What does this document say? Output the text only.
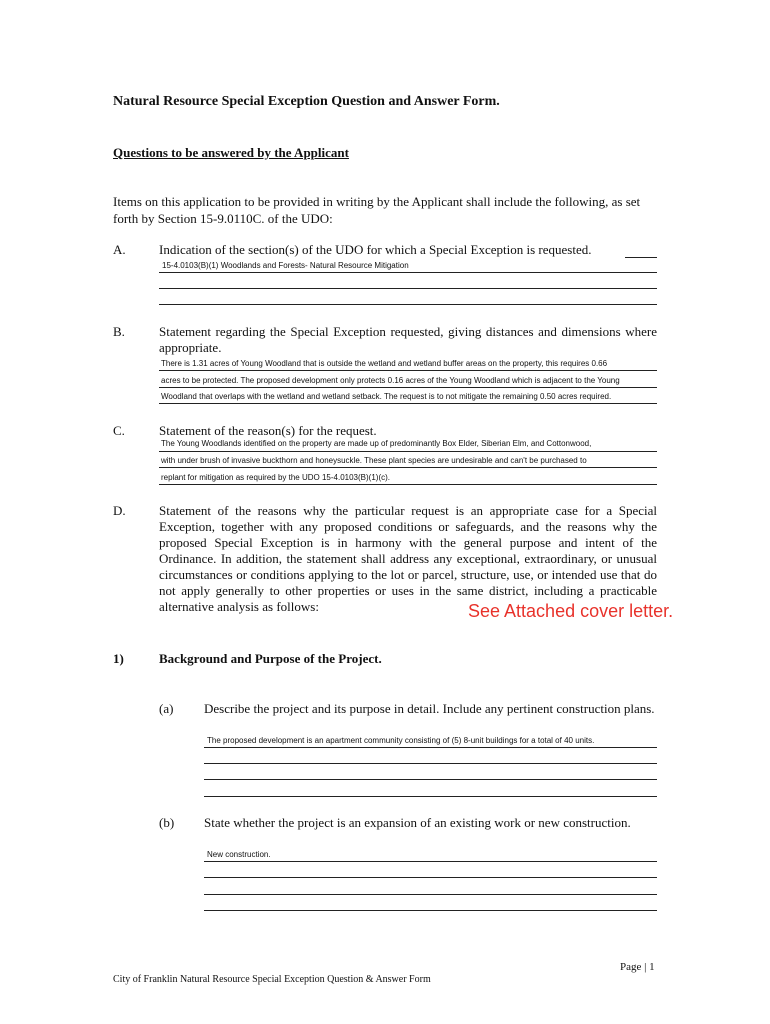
Natural Resource Special Exception Question and Answer Form.
Questions to be answered by the Applicant
Items on this application to be provided in writing by the Applicant shall include the following, as set forth by Section 15-9.0110C. of the UDO:
A.	Indication of the section(s) of the UDO for which a Special Exception is requested.
15-4.0103(B)(1) Woodlands and Forests- Natural Resource Mitigation
B.	Statement regarding the Special Exception requested, giving distances and dimensions where appropriate.
There is 1.31 acres of Young Woodland that is outside the wetland and wetland buffer areas on the property, this requires 0.66
acres to be protected. The proposed development only protects 0.16 acres of the Young Woodland which is adjacent to the Young
Woodland that overlaps with the wetland and wetland setback. The request is to not mitigate the remaining 0.50 acres required.
C.	Statement of the reason(s) for the request.
The Young Woodlands identified on the property are made up of predominantly Box Elder, Siberian Elm, and Cottonwood,
with under brush of invasive buckthorn and honeysuckle. These plant species are undesirable and can't be purchased to
replant for mitigation as required by the UDO 15-4.0103(B)(1)(c).
D.	Statement of the reasons why the particular request is an appropriate case for a Special Exception, together with any proposed conditions or safeguards, and the reasons why the proposed Special Exception is in harmony with the general purpose and intent of the Ordinance. In addition, the statement shall address any exceptional, extraordinary, or unusual circumstances or conditions applying to the lot or parcel, structure, use, or intended use that do not apply generally to other properties or uses in the same district, including a practicable alternative analysis as follows:	See Attached cover letter.
1)	Background and Purpose of the Project.
(a) Describe the project and its purpose in detail. Include any pertinent construction plans.
The proposed development is an apartment community consisting of (5) 8-unit buildings for a total of 40 units.
(b) State whether the project is an expansion of an existing work or new construction.
New construction.
Page | 1
City of Franklin Natural Resource Special Exception Question & Answer Form
